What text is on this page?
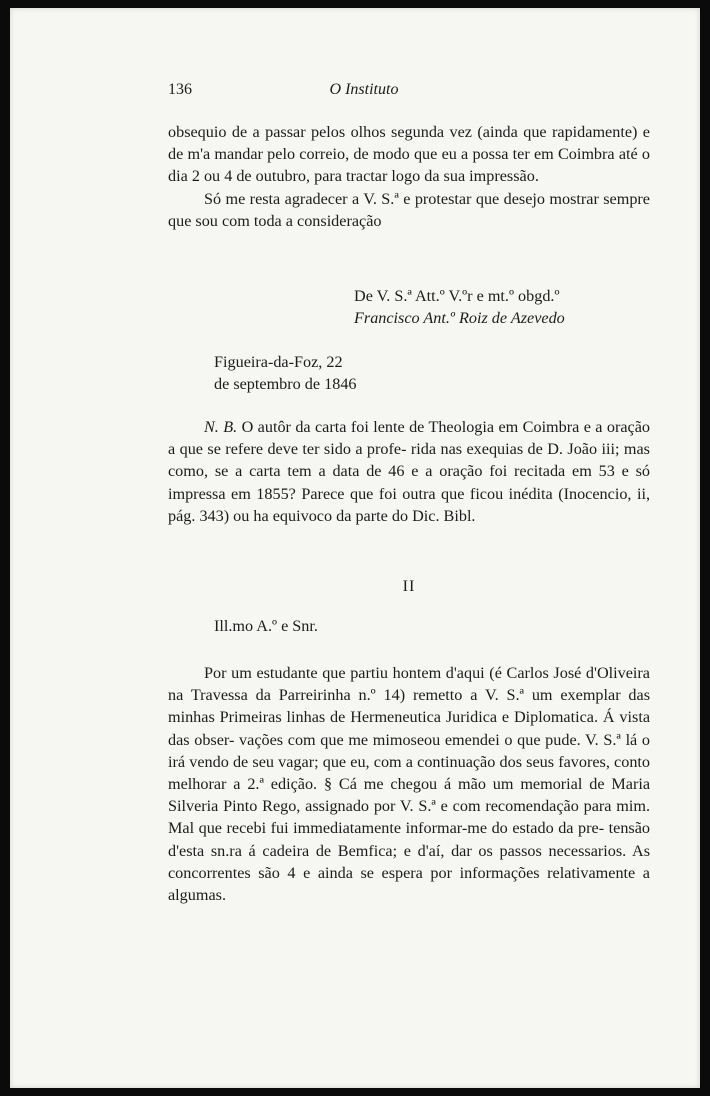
136	O Instituto

obsequio de a passar pelos olhos segunda vez (ainda que rapidamente) e de m'a mandar pelo correio, de modo que eu a possa ter em Coimbra até o dia 2 ou 4 de outubro, para tractar logo da sua impressão.

Só me resta agradecer a V. S.ª e protestar que desejo mostrar sempre que sou com toda a consideração

De V. S.ª Att.º V.ºr e mt.º obgd.º
Francisco Ant.º Roiz de Azevedo
Figueira-da-Foz, 22
de septembro de 1846

N. B. O autôr da carta foi lente de Theologia em Coimbra e a oração a que se refere deve ter sido a profe- rida nas exequias de D. João iii; mas como, se a carta tem a data de 46 e a oração foi recitada em 53 e só impressa em 1855? Parece que foi outra que ficou inédita (Inocencio, ii, pág. 343) ou ha equivoco da parte do Dic. Bibl.

II
Ill.mo A.º e Snr.

Por um estudante que partiu hontem d'aqui (é Carlos José d'Oliveira na Travessa da Parreirinha n.º 14) remetto a V. S.ª um exemplar das minhas Primeiras linhas de Hermeneutica Juridica e Diplomatica. Á vista das obser- vações com que me mimoseou emendei o que pude. V. S.ª lá o irá vendo de seu vagar; que eu, com a continuação dos seus favores, conto melhorar a 2.ª edição. § Cá me chegou á mão um memorial de Maria Silveria Pinto Rego, assignado por V. S.ª e com recomendação para mim. Mal que recebi fui immediatamente informar-me do estado da pre- tensão d'esta sn.ra á cadeira de Bemfica; e d'aí, dar os passos necessarios. As concorrentes são 4 e ainda se espera por informações relativamente a algumas.
